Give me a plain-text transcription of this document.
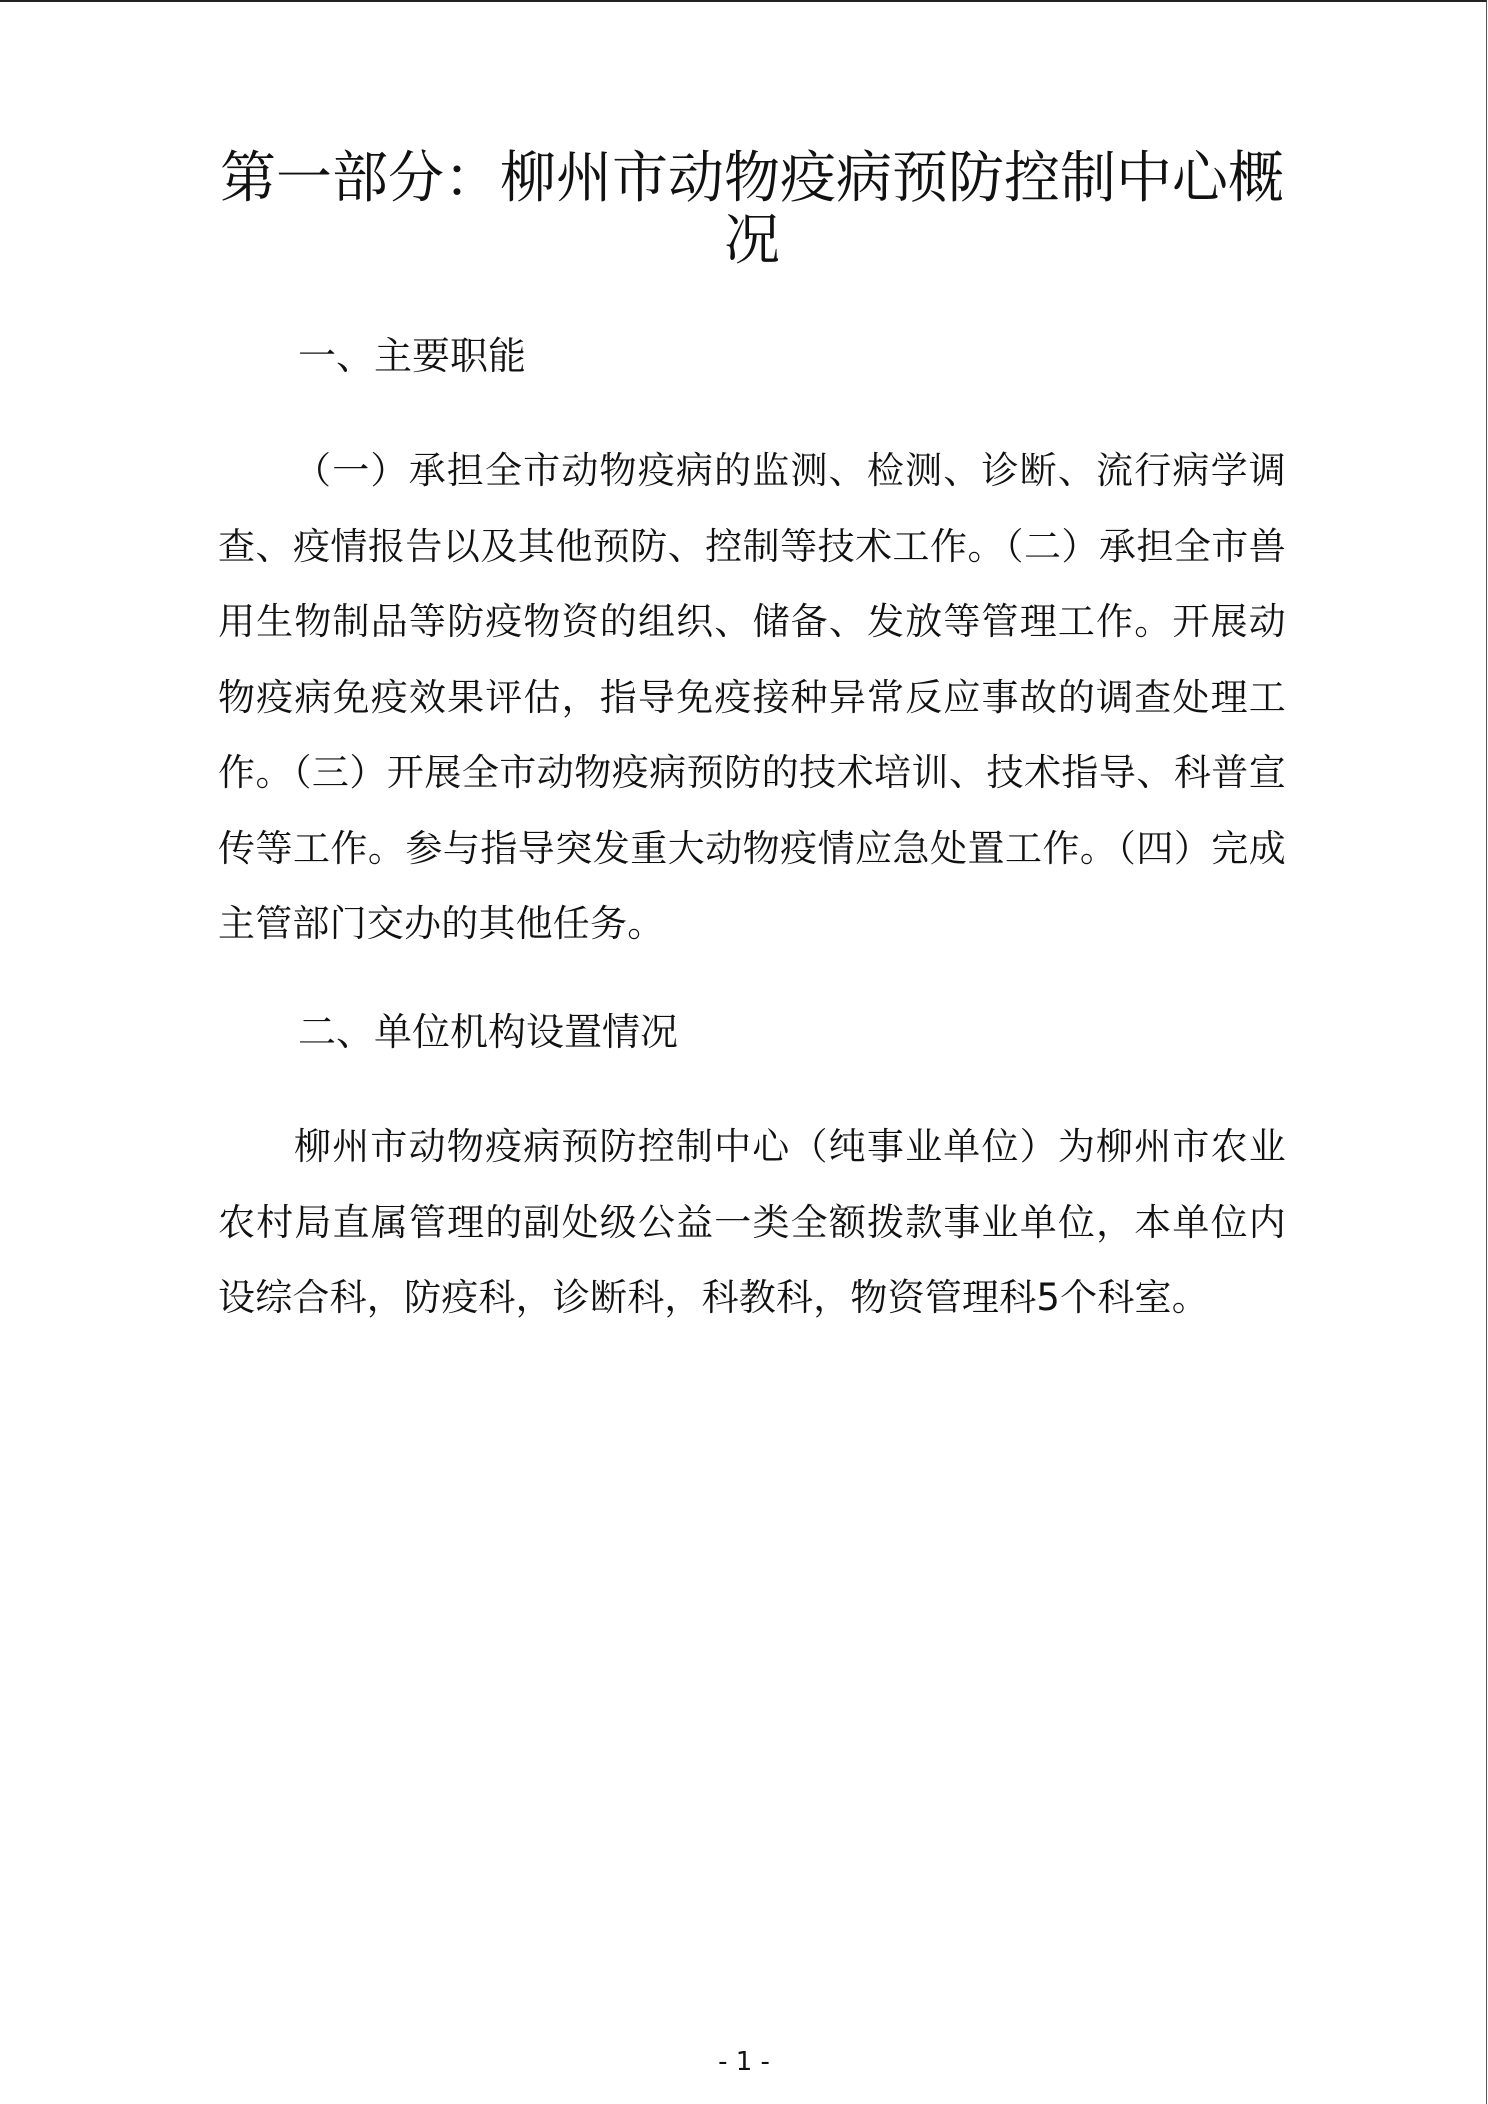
第一部分：柳州市动物疫病预防控制中心概况
一、主要职能

（一）承担全市动物疫病的监测、检测、诊断、流行病学调查、疫情报告以及其他预防、控制等技术工作。（二）承担全市兽用生物制品等防疫物资的组织、储备、发放等管理工作。开展动物疫病免疫效果评估，指导免疫接种异常反应事故的调查处理工作。（三）开展全市动物疫病预防的技术培训、技术指导、科普宣传等工作。参与指导突发重大动物疫情应急处置工作。（四）完成主管部门交办的其他任务。

二、单位机构设置情况

柳州市动物疫病预防控制中心（纯事业单位）为柳州市农业农村局直属管理的副处级公益一类全额拨款事业单位，本单位内设综合科，防疫科，诊断科，科教科，物资管理科5个科室。

- 1 -
